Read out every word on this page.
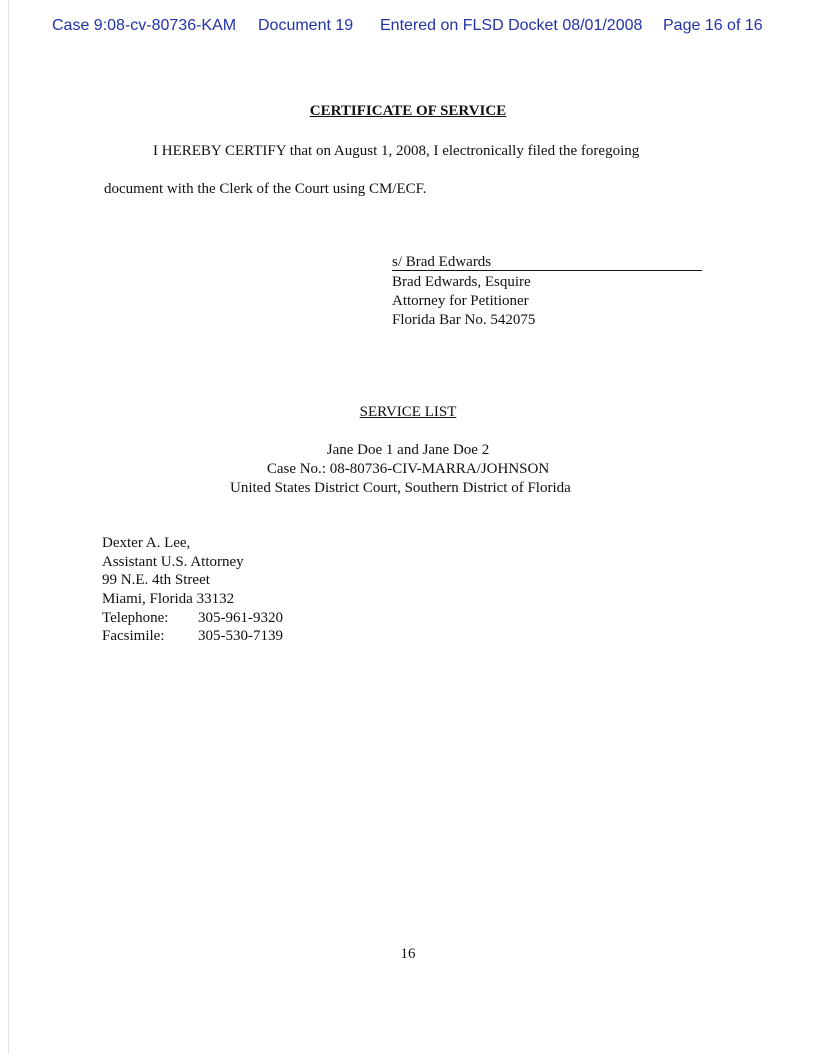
Case 9:08-cv-80736-KAM Document 19 Entered on FLSD Docket 08/01/2008 Page 16 of 16
CERTIFICATE OF SERVICE
I HEREBY CERTIFY that on August 1, 2008, I electronically filed the foregoing
document with the Clerk of the Court using CM/ECF.
s/ Brad Edwards
Brad Edwards, Esquire
Attorney for Petitioner
Florida Bar No. 542075
SERVICE LIST
Jane Doe 1 and Jane Doe 2
Case No.: 08-80736-CIV-MARRA/JOHNSON
United States District Court, Southern District of Florida
Dexter A. Lee,
Assistant U.S. Attorney
99 N.E. 4th Street
Miami, Florida 33132
Telephone: 305-961-9320
Facsimile: 305-530-7139
16
